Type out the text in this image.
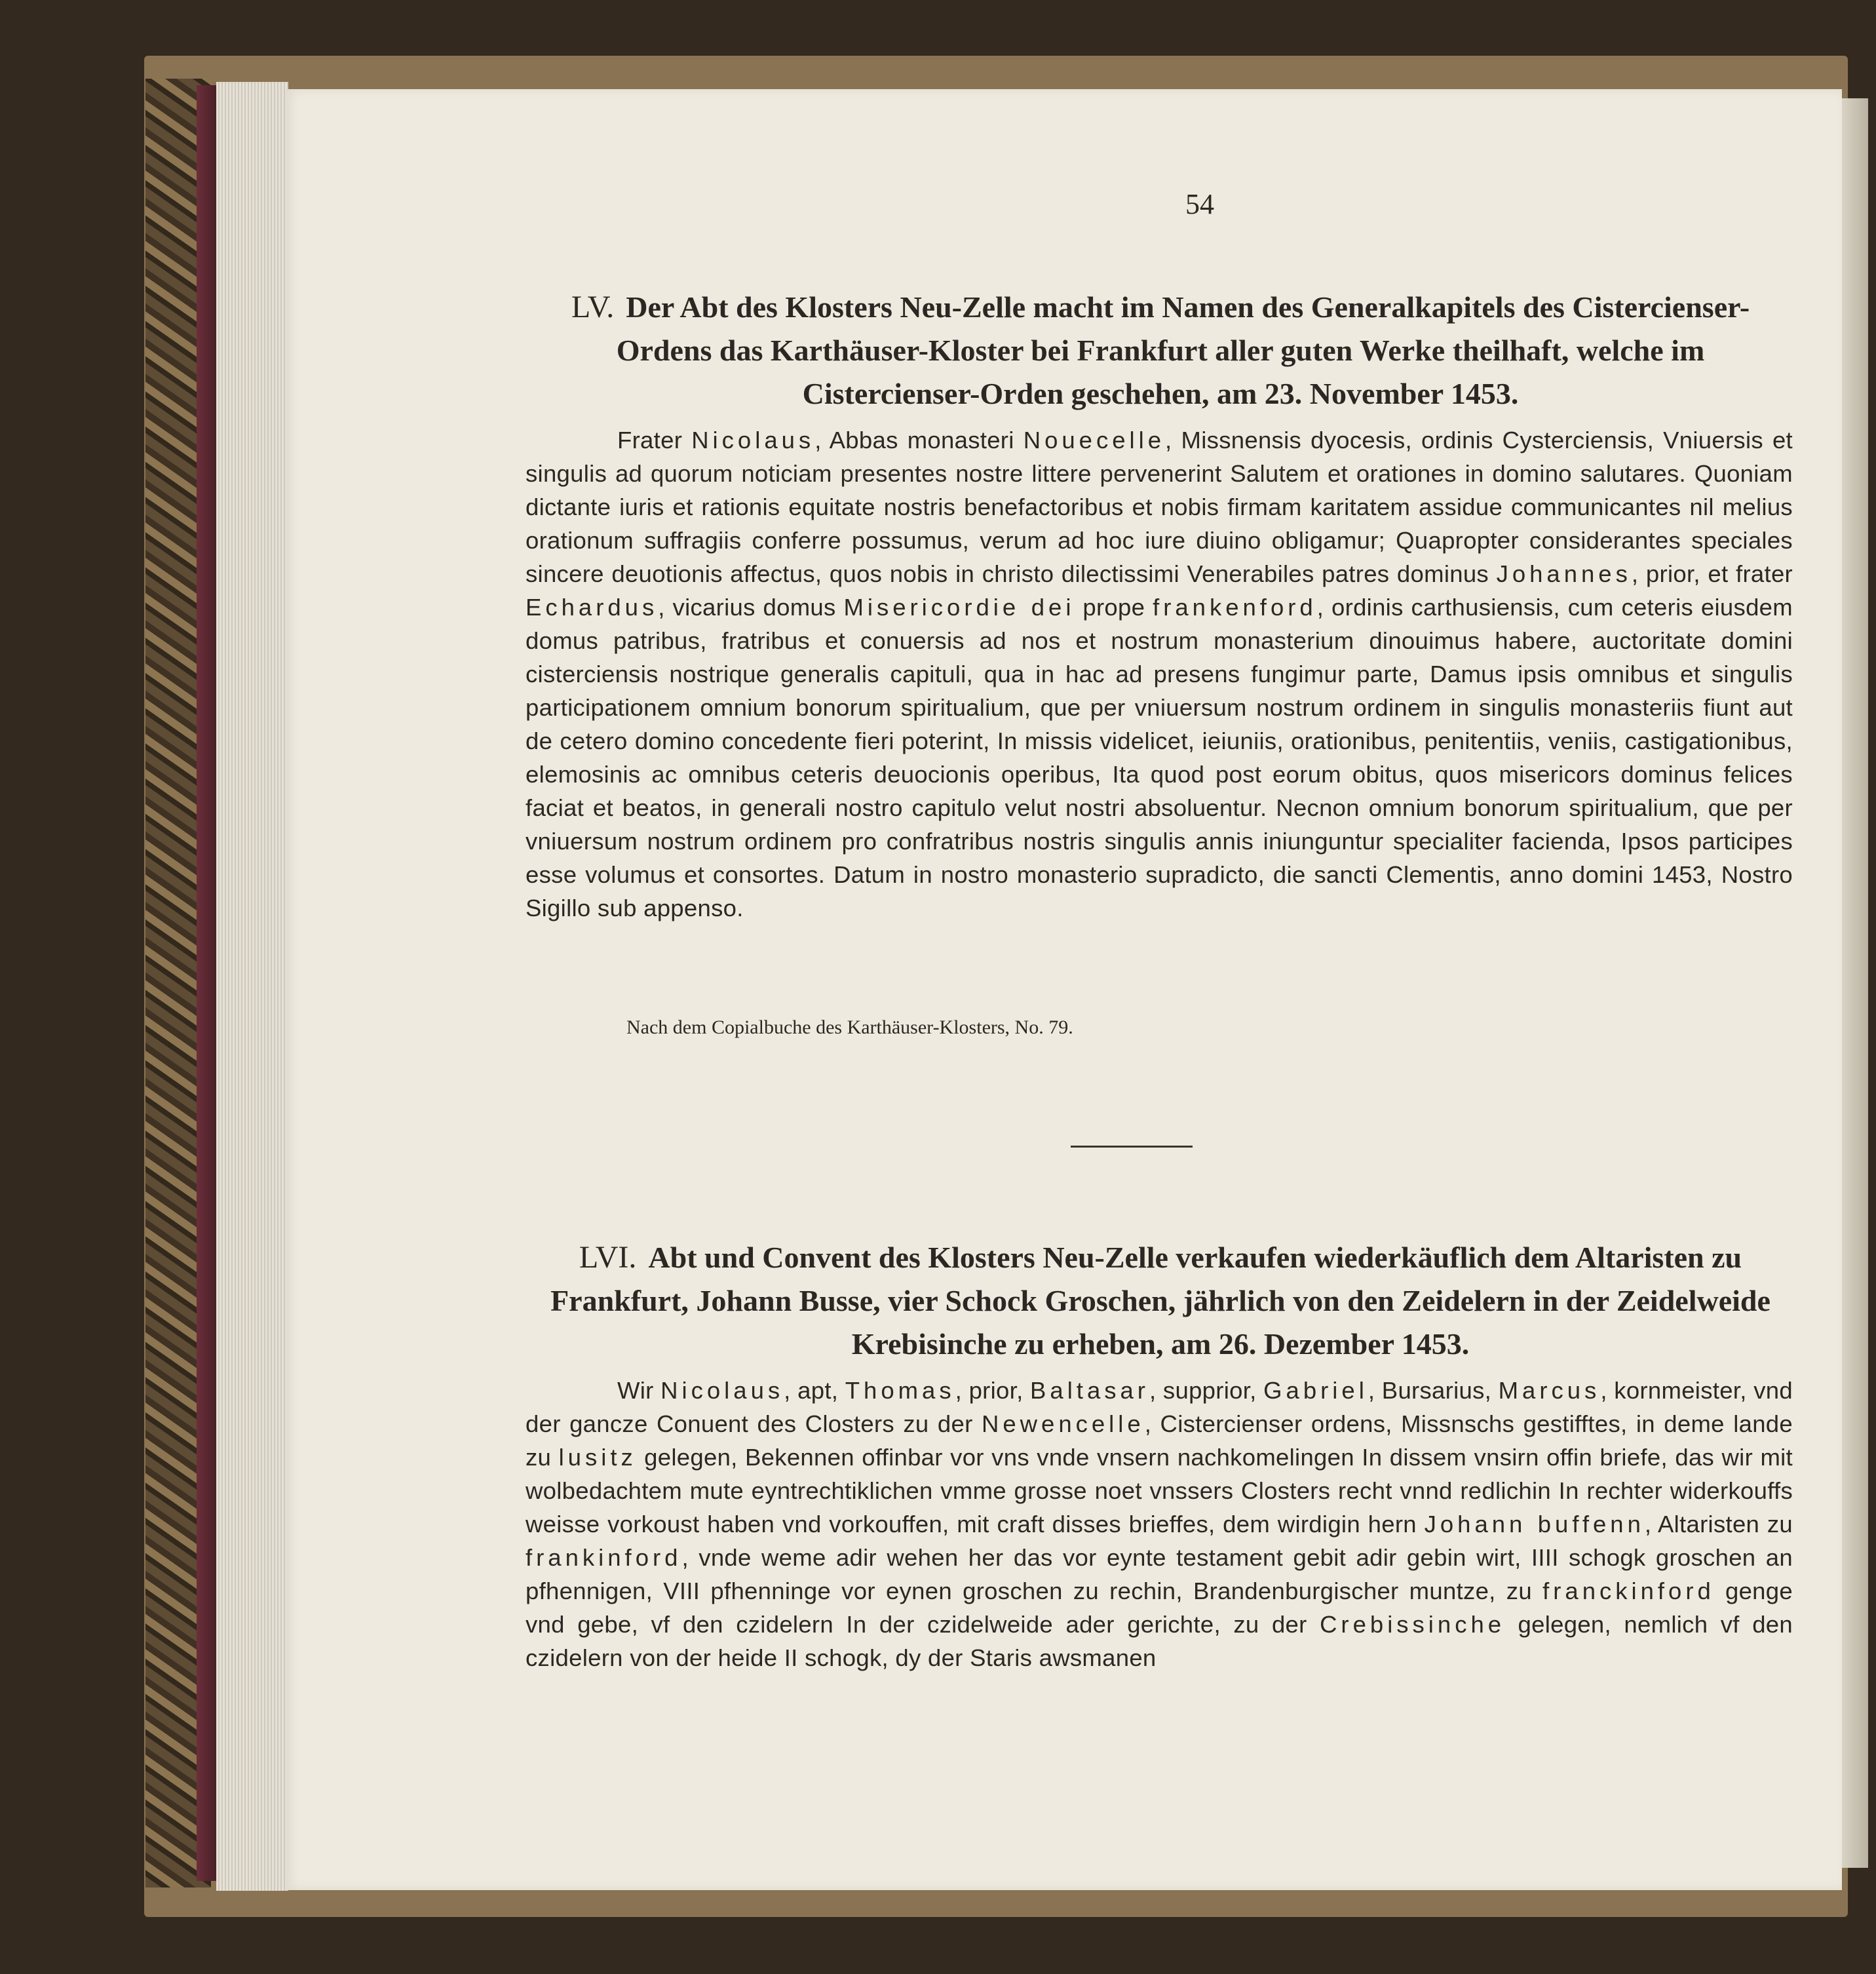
54
LV. Der Abt des Klosters Neu-Zelle macht im Namen des Generalkapitels des Cistercienser-Ordens das Karthäuser-Kloster bei Frankfurt aller guten Werke theilhaft, welche im Cistercienser-Orden geschehen, am 23. November 1453.

Frater Nicolaus, Abbas monasteri Nouecelle, Missnensis dyocesis, ordinis Cysterciensis, Vniuersis et singulis ad quorum noticiam presentes nostre littere pervenerint Salutem et orationes in domino salutares. Quoniam dictante iuris et rationis equitate nostris benefactoribus et nobis firmam karitatem assidue communicantes nil melius orationum suffragiis conferre possumus, verum ad hoc iure diuino obligamur; Quapropter considerantes speciales sincere deuotionis affectus, quos nobis in christo dilectissimi Venerabiles patres dominus Johannes, prior, et frater Echardus, vicarius domus Misericordie dei prope frankenford, ordinis carthusiensis, cum ceteris eiusdem domus patribus, fratribus et conuersis ad nos et nostrum monasterium dinouimus habere, auctoritate domini cisterciensis nostrique generalis capituli, qua in hac ad presens fungimur parte, Damus ipsis omnibus et singulis participationem omnium bonorum spiritualium, que per vniuersum nostrum ordinem in singulis monasteriis fiunt aut de cetero domino concedente fieri poterint, In missis videlicet, ieiuniis, orationibus, penitentiis, veniis, castigationibus, elemosinis ac omnibus ceteris deuocionis operibus, Ita quod post eorum obitus, quos misericors dominus felices faciat et beatos, in generali nostro capitulo velut nostri absoluentur. Necnon omnium bonorum spiritualium, que per vniuersum nostrum ordinem pro confratribus nostris singulis annis iniunguntur specialiter facienda, Ipsos participes esse volumus et consortes. Datum in nostro monasterio supradicto, die sancti Clementis, anno domini 1453, Nostro Sigillo sub appenso.

Nach dem Copialbuche des Karthäuser-Klosters, No. 79.
LVI. Abt und Convent des Klosters Neu-Zelle verkaufen wiederkäuflich dem Altaristen zu Frankfurt, Johann Busse, vier Schock Groschen, jährlich von den Zeidelern in der Zeidelweide Krebisinche zu erheben, am 26. Dezember 1453.

Wir Nicolaus, apt, Thomas, prior, Baltasar, supprior, Gabriel, Bursarius, Marcus, kornmeister, vnd der gancze Conuent des Closters zu der Newencelle, Cistercienser ordens, Missnschs gestifftes, in deme lande zu lusitz gelegen, Bekennen offinbar vor vns vnde vnsern nachkomelingen In dissem vnsirn offin briefe, das wir mit wolbedachtem mute eyntrechtiklichen vmme grosse noet vnssers Closters recht vnnd redlichin In rechter widerkouffs weisse vorkoust haben vnd vorkouffen, mit craft disses brieffes, dem wirdigin hern Johann buffenn, Altaristen zu frankinford, vnde weme adir wehen her das vor eynte testament gebit adir gebin wirt, IIII schogk groschen an pfhennigen, VIII pfhenninge vor eynen groschen zu rechin, Brandenburgischer muntze, zu franckinford genge vnd gebe, vf den czidelern In der czidelweide ader gerichte, zu der Crebissinche gelegen, nemlich vf den czidelern von der heide II schogk, dy der Staris awsmanen
